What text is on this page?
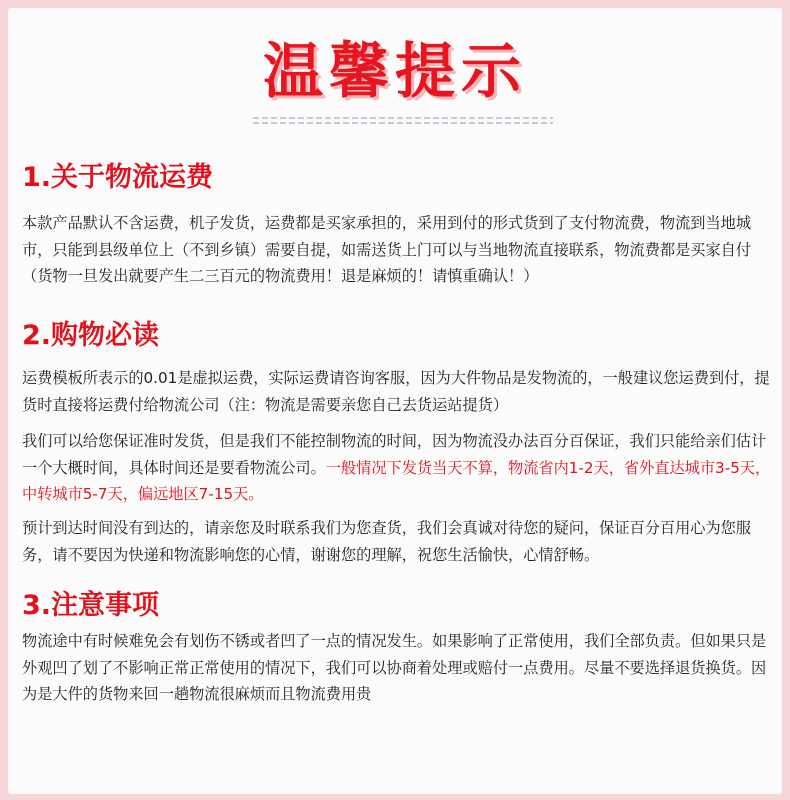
温馨提示
1.关于物流运费

本款产品默认不含运费，机子发货，运费都是买家承担的，采用到付的形式货到了支付物流费，物流到当地城市，只能到县级单位上（不到乡镇）需要自提，如需送货上门可以与当地物流直接联系，物流费都是买家自付（货物一旦发出就要产生二三百元的物流费用！退是麻烦的！请慎重确认！）

2.购物必读

运费模板所表示的0.01是虚拟运费，实际运费请咨询客服，因为大件物品是发物流的，一般建议您运费到付，提货时直接将运费付给物流公司（注：物流是需要亲您自己去货运站提货）

我们可以给您保证准时发货，但是我们不能控制物流的时间，因为物流没办法百分百保证，我们只能给亲们估计一个大概时间，具体时间还是要看物流公司。一般情况下发货当天不算，物流省内1-2天，省外直达城市3-5天，中转城市5-7天，偏远地区7-15天。

预计到达时间没有到达的，请亲您及时联系我们为您查货，我们会真诚对待您的疑问，保证百分百用心为您服务，请不要因为快递和物流影响您的心情，谢谢您的理解，祝您生活愉快，心情舒畅。

3.注意事项

物流途中有时候难免会有划伤不锈或者凹了一点的情况发生。如果影响了正常使用，我们全部负责。但如果只是外观凹了划了不影响正常正常使用的情况下，我们可以协商着处理或赔付一点费用。尽量不要选择退货换货。因为是大件的货物来回一趟物流很麻烦而且物流费用贵
